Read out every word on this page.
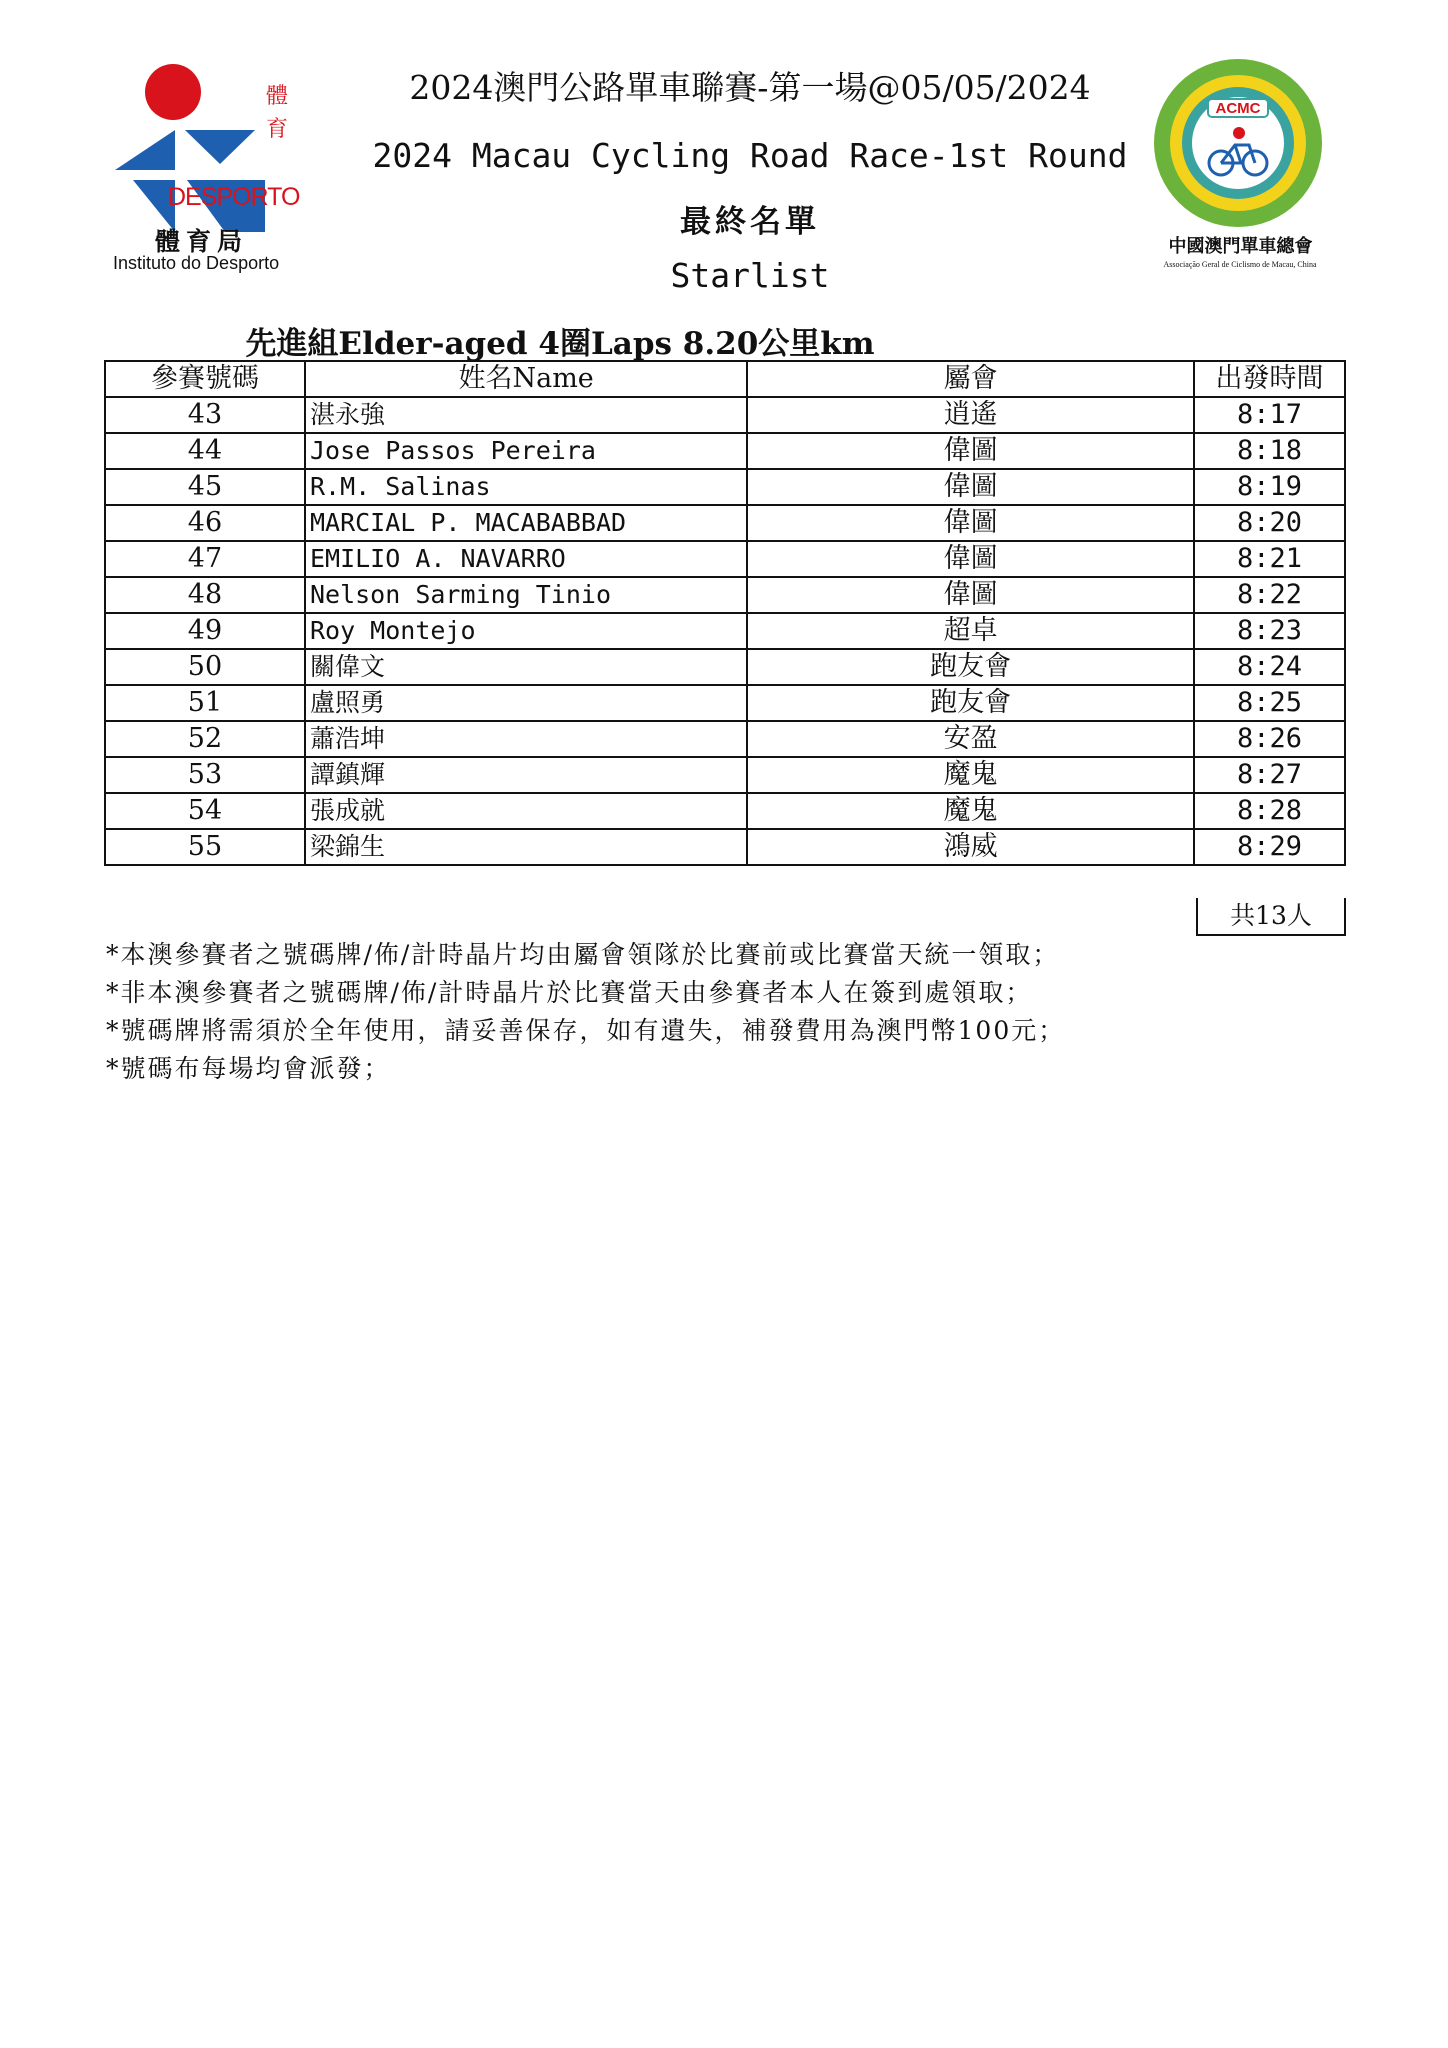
體育
DESPORTO
體育局
Instituto do Desporto
ACMC
中國澳門單車總會
Associação Geral de Ciclismo de Macau, China
2024澳門公路單車聯賽-第一場@05/05/2024
2024 Macau Cycling Road Race-1st Round
最終名單
Starlist
先進組Elder-aged 4圈Laps 8.20公里km
參賽號碼	姓名Name	屬會	出發時間
43	湛永強	逍遙	8:17
44	Jose Passos Pereira	偉圖	8:18
45	R.M. Salinas	偉圖	8:19
46	MARCIAL P. MACABABBAD	偉圖	8:20
47	EMILIO A. NAVARRO	偉圖	8:21
48	Nelson Sarming Tinio	偉圖	8:22
49	Roy Montejo	超卓	8:23
50	關偉文	跑友會	8:24
51	盧照勇	跑友會	8:25
52	蕭浩坤	安盈	8:26
53	譚鎮輝	魔鬼	8:27
54	張成就	魔鬼	8:28
55	梁錦生	鴻威	8:29
共13人
*本澳參賽者之號碼牌/佈/計時晶片均由屬會領隊於比賽前或比賽當天統一領取；
*非本澳參賽者之號碼牌/佈/計時晶片於比賽當天由參賽者本人在簽到處領取；
*號碼牌將需須於全年使用，請妥善保存，如有遺失，補發費用為澳門幣100元；
*號碼布每場均會派發；
